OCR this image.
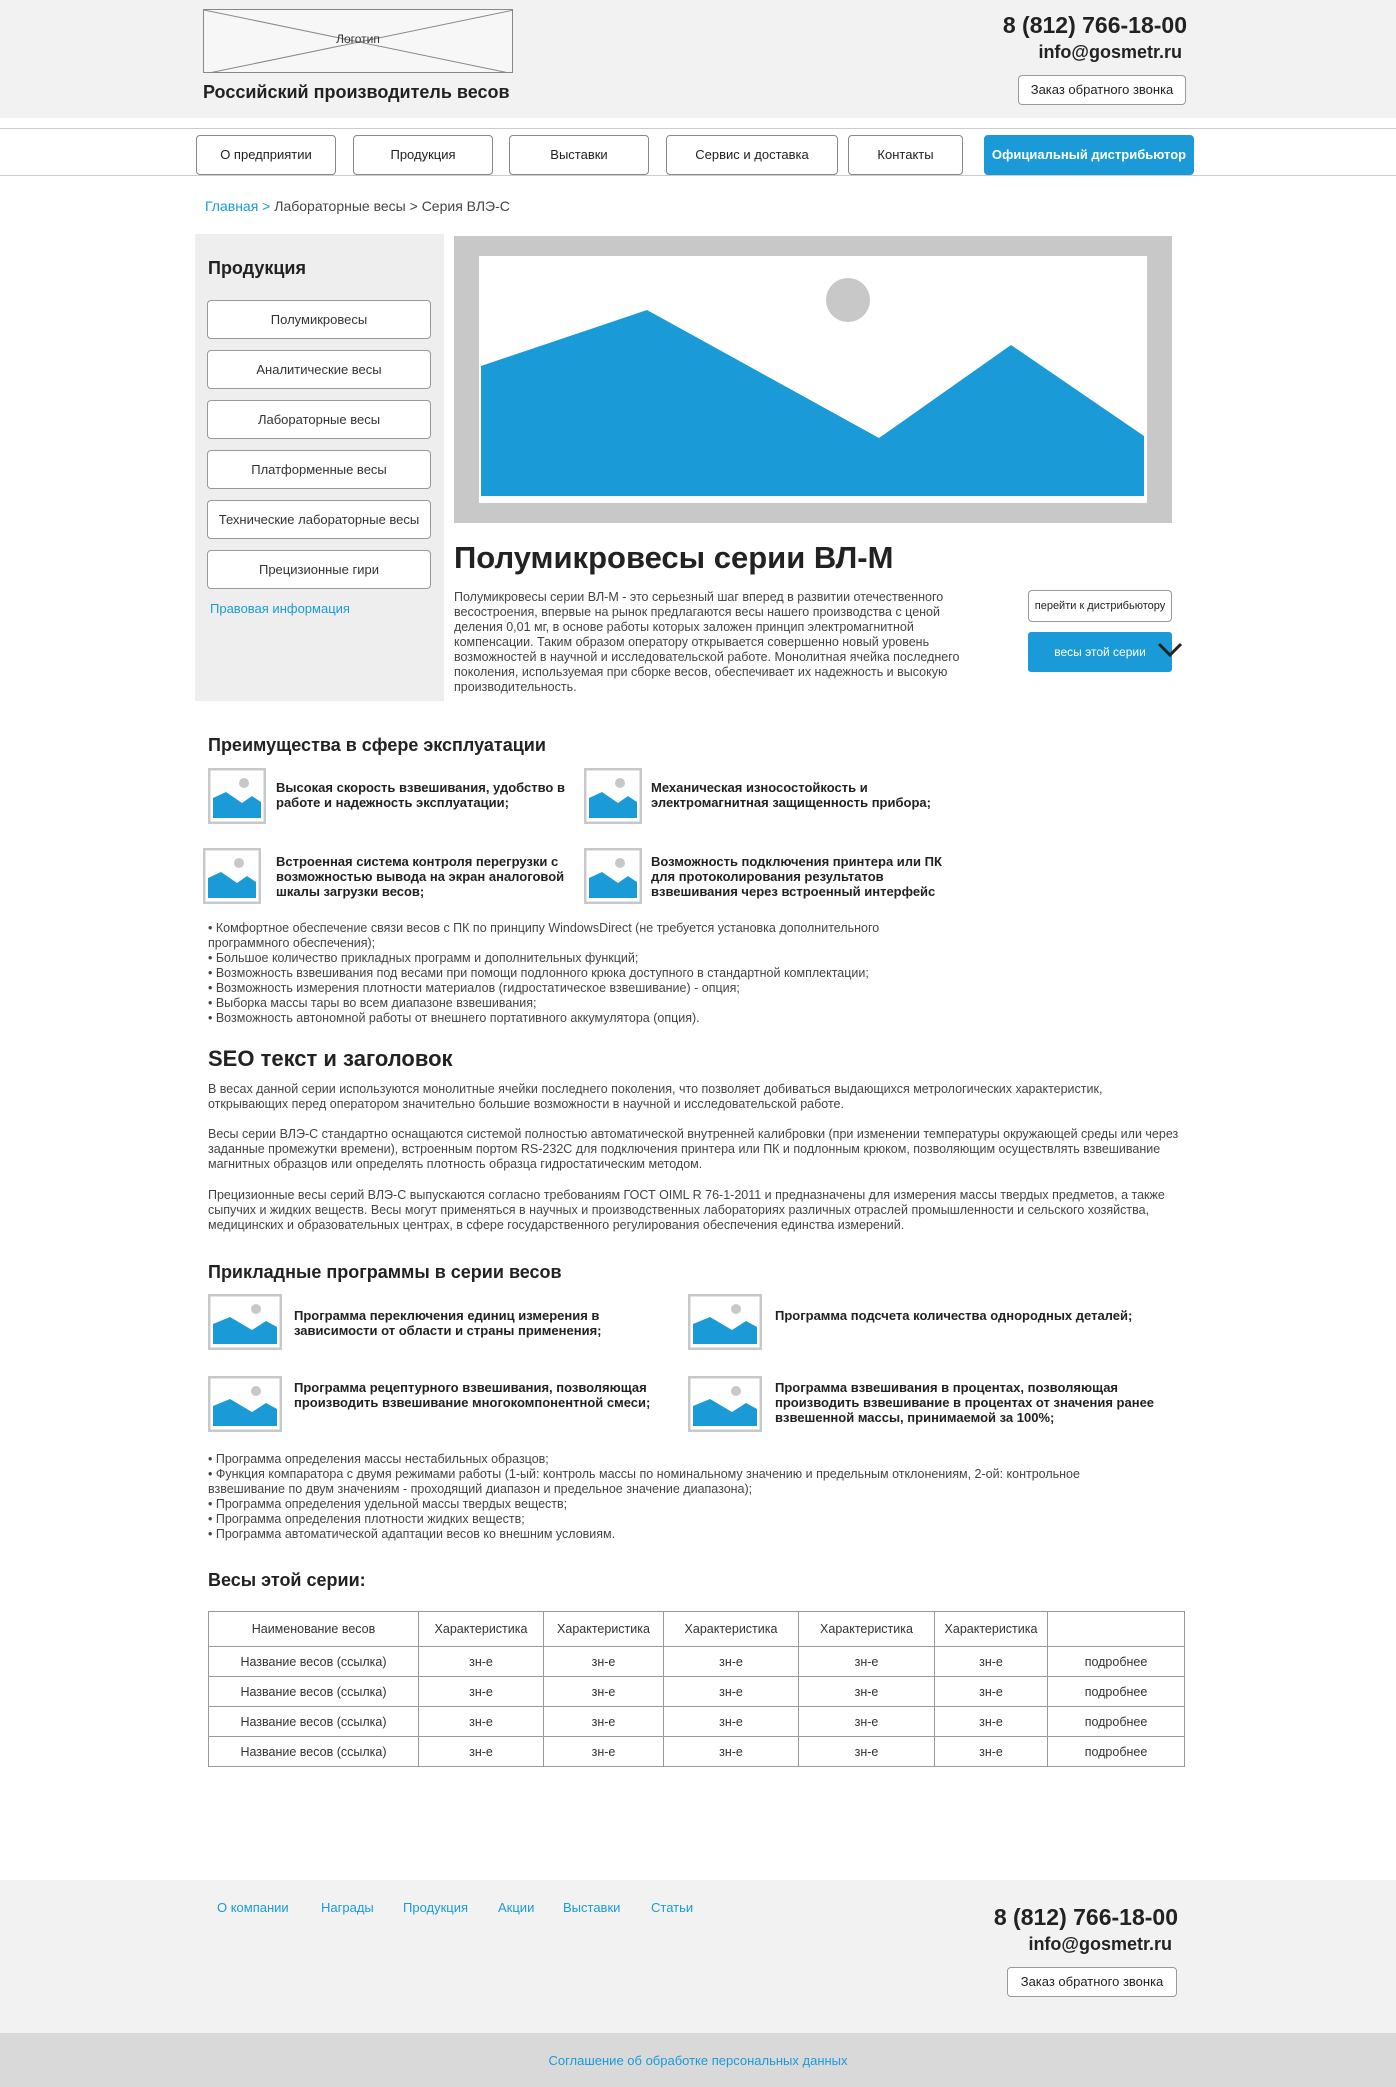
Логотип
Российский производитель весов
8 (812) 766-18-00
info@gosmetr.ru
Заказ обратного звонка
О предприятии	Продукция	Выставки	Сервис и доставка	Контакты	Официальный дистрибьютор
Главная > Лабораторные весы > Серия ВЛЭ-С
Продукция
Полумикровесы
Аналитические весы
Лабораторные весы
Платформенные весы
Технические лабораторные весы
Прецизионные гири
Правовая информация
Полумикровесы серии ВЛ-М
Полумикровесы серии ВЛ-М - это серьезный шаг вперед в развитии отечественного весостроения, впервые на рынок предлагаются весы нашего производства с ценой деления 0,01 мг, в основе работы которых заложен принцип электромагнитной компенсации. Таким образом оператору открывается совершенно новый уровень возможностей в научной и исследовательской работе. Монолитная ячейка последнего поколения, используемая при сборке весов, обеспечивает их надежность и высокую производительность.
перейти к дистрибьютору
весы этой серии
Преимущества в сфере эксплуатации
Высокая скорость взвешивания, удобство в работе и надежность эксплуатации;
Механическая износостойкость и электромагнитная защищенность прибора;
Встроенная система контроля перегрузки с возможностью вывода на экран аналоговой шкалы загрузки весов;
Возможность подключения принтера или ПК для протоколирования результатов взвешивания через встроенный интерфейс
• Комфортное обеспечение связи весов с ПК по принципу WindowsDirect (не требуется установка дополнительного
программного обеспечения);
• Большое количество прикладных программ и дополнительных функций;
• Возможность взвешивания под весами при помощи подлонного крюка доступного в стандартной комплектации;
• Возможность измерения плотности материалов (гидростатическое взвешивание) - опция;
• Выборка массы тары во всем диапазоне взвешивания;
• Возможность автономной работы от внешнего портативного аккумулятора (опция).
SEO текст и заголовок
В весах данной серии используются монолитные ячейки последнего поколения, что позволяет добиваться выдающихся метрологических характеристик, открывающих перед оператором значительно большие возможности в научной и исследовательской работе.
Весы серии ВЛЭ-С стандартно оснащаются системой полностью автоматической внутренней калибровки (при изменении температуры окружающей среды или через заданные промежутки времени), встроенным портом RS-232C для подключения принтера или ПК и подлонным крюком, позволяющим осуществлять взвешивание магнитных образцов или определять плотность образца гидростатическим методом.
Прецизионные весы серий ВЛЭ-С выпускаются согласно требованиям ГОСТ OIML R 76-1-2011 и предназначены для измерения массы твердых предметов, а также сыпучих и жидких веществ. Весы могут применяться в научных и производственных лабораториях различных отраслей промышленности и сельского хозяйства, медицинских и образовательных центрах, в сфере государственного регулирования обеспечения единства измерений.
Прикладные программы в серии весов
Программа переключения единиц измерения в зависимости от области и страны применения;
Программа подсчета количества однородных деталей;
Программа рецептурного взвешивания, позволяющая производить взвешивание многокомпонентной смеси;
Программа взвешивания в процентах, позволяющая производить взвешивание в процентах от значения ранее взвешенной массы, принимаемой за 100%;
• Программа определения массы нестабильных образцов;
• Функция компаратора с двумя режимами работы (1-ый: контроль массы по номинальному значению и предельным отклонениям, 2-ой: контрольное
взвешивание по двум значениям - проходящий диапазон и предельное значение диапазона);
• Программа определения удельной массы твердых веществ;
• Программа определения плотности жидких веществ;
• Программа автоматической адаптации весов ко внешним условиям.
Весы этой серии:
Наименование весов	Характеристика	Характеристика	Характеристика	Характеристика	Характеристика	
Название весов (ссылка)	зн-е	зн-е	зн-е	зн-е	зн-е	подробнее
Название весов (ссылка)	зн-е	зн-е	зн-е	зн-е	зн-е	подробнее
Название весов (ссылка)	зн-е	зн-е	зн-е	зн-е	зн-е	подробнее
Название весов (ссылка)	зн-е	зн-е	зн-е	зн-е	зн-е	подробнее
О компании Награды Продукция Акции Выставки Статьи	8 (812) 766-18-00
info@gosmetr.ru
Заказ обратного звонка
Соглашение об обработке персональных данных
